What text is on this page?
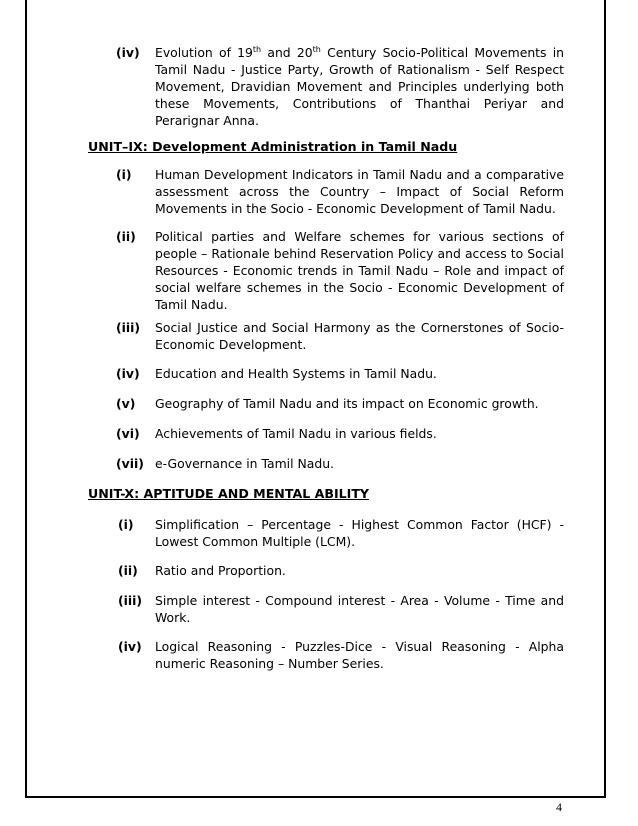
(iv)	Evolution of 19th and 20th Century Socio-Political Movements in Tamil Nadu - Justice Party, Growth of Rationalism - Self Respect Movement, Dravidian Movement and Principles underlying both these Movements, Contributions of Thanthai Periyar and Perarignar Anna.
UNIT–IX: Development Administration in Tamil Nadu
(i)	Human Development Indicators in Tamil Nadu and a comparative assessment across the Country – Impact of Social Reform Movements in the Socio - Economic Development of Tamil Nadu.
(ii)	Political parties and Welfare schemes for various sections of people – Rationale behind Reservation Policy and access to Social Resources - Economic trends in Tamil Nadu – Role and impact of social welfare schemes in the Socio - Economic Development of Tamil Nadu.
(iii)	Social Justice and Social Harmony as the Cornerstones of Socio-Economic Development.
(iv)	Education and Health Systems in Tamil Nadu.
(v)	Geography of Tamil Nadu and its impact on Economic growth.
(vi)	Achievements of Tamil Nadu in various fields.
(vii) e-Governance in Tamil Nadu.
UNIT-X: APTITUDE AND MENTAL ABILITY
(i)	Simplification – Percentage - Highest Common Factor (HCF) - Lowest Common Multiple (LCM).
(ii)	Ratio and Proportion.
(iii)	Simple interest - Compound interest - Area - Volume - Time and Work.
(iv)	Logical Reasoning - Puzzles-Dice - Visual Reasoning - Alpha numeric Reasoning – Number Series.
4
